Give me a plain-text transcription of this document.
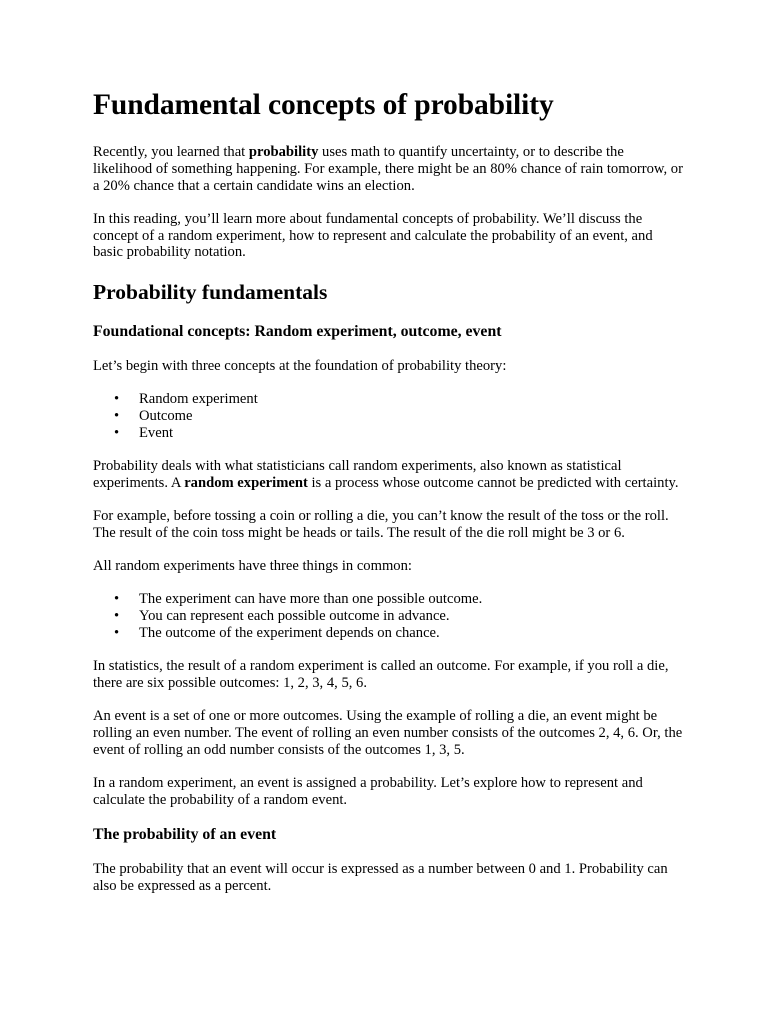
Fundamental concepts of probability

Recently, you learned that probability uses math to quantify uncertainty, or to describe the likelihood of something happening. For example, there might be an 80% chance of rain tomorrow, or a 20% chance that a certain candidate wins an election.

In this reading, you’ll learn more about fundamental concepts of probability. We’ll discuss the concept of a random experiment, how to represent and calculate the probability of an event, and basic probability notation.

Probability fundamentals
Foundational concepts: Random experiment, outcome, event

Let’s begin with three concepts at the foundation of probability theory:

• Random experiment
• Outcome
• Event

Probability deals with what statisticians call random experiments, also known as statistical experiments. A random experiment is a process whose outcome cannot be predicted with certainty.

For example, before tossing a coin or rolling a die, you can’t know the result of the toss or the roll. The result of the coin toss might be heads or tails. The result of the die roll might be 3 or 6.

All random experiments have three things in common:

• The experiment can have more than one possible outcome.
• You can represent each possible outcome in advance.
• The outcome of the experiment depends on chance.

In statistics, the result of a random experiment is called an outcome. For example, if you roll a die, there are six possible outcomes: 1, 2, 3, 4, 5, 6.

An event is a set of one or more outcomes. Using the example of rolling a die, an event might be rolling an even number. The event of rolling an even number consists of the outcomes 2, 4, 6. Or, the event of rolling an odd number consists of the outcomes 1, 3, 5.

In a random experiment, an event is assigned a probability. Let’s explore how to represent and calculate the probability of a random event.

The probability of an event

The probability that an event will occur is expressed as a number between 0 and 1. Probability can also be expressed as a percent.
